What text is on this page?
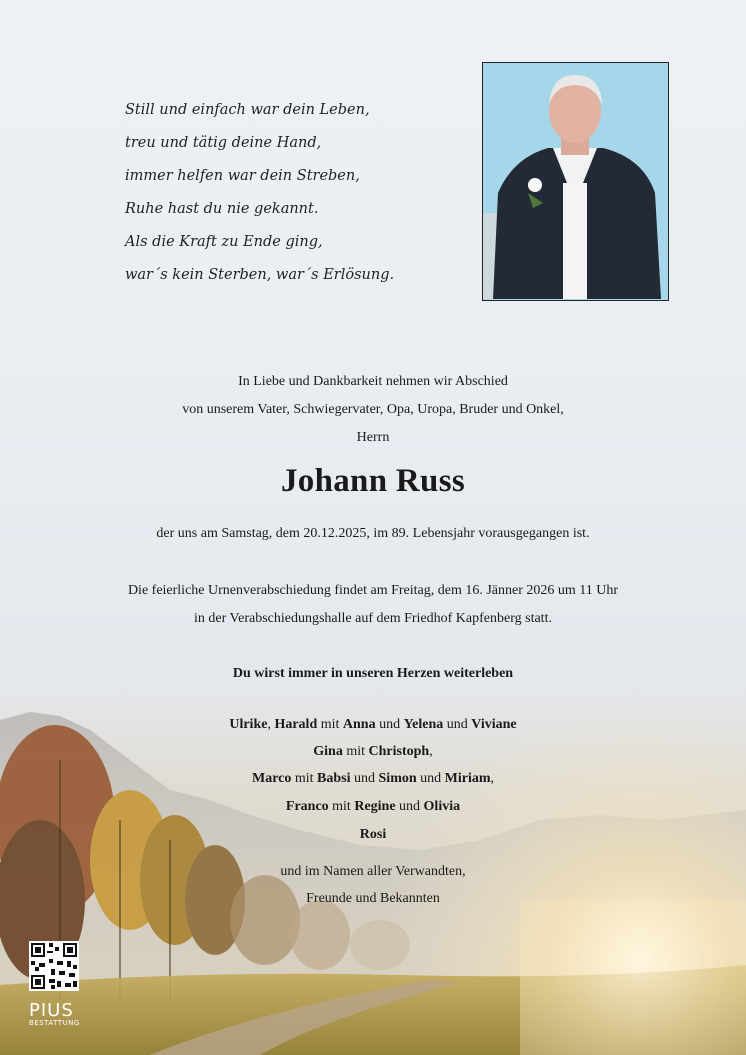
Still und einfach war dein Leben,
treu und tätig deine Hand,
immer helfen war dein Streben,
Ruhe hast du nie gekannt.
Als die Kraft zu Ende ging,
war´s kein Sterben, war´s Erlösung.
In Liebe und Dankbarkeit nehmen wir Abschied
von unserem Vater, Schwiegervater, Opa, Uropa, Bruder und Onkel,
Herrn
Johann Russ
der uns am Samstag, dem 20.12.2025, im 89. Lebensjahr vorausgegangen ist.
Die feierliche Urnenverabschiedung findet am Freitag, dem 16. Jänner 2026 um 11 Uhr
in der Verabschiedungshalle auf dem Friedhof Kapfenberg statt.
Du wirst immer in unseren Herzen weiterleben
Ulrike, Harald mit Anna und Yelena und Viviane
Gina mit Christoph,
Marco mit Babsi und Simon und Miriam,
Franco mit Regine und Olivia
Rosi
und im Namen aller Verwandten,
Freunde und Bekannten
PIUS
BESTATTUNG
